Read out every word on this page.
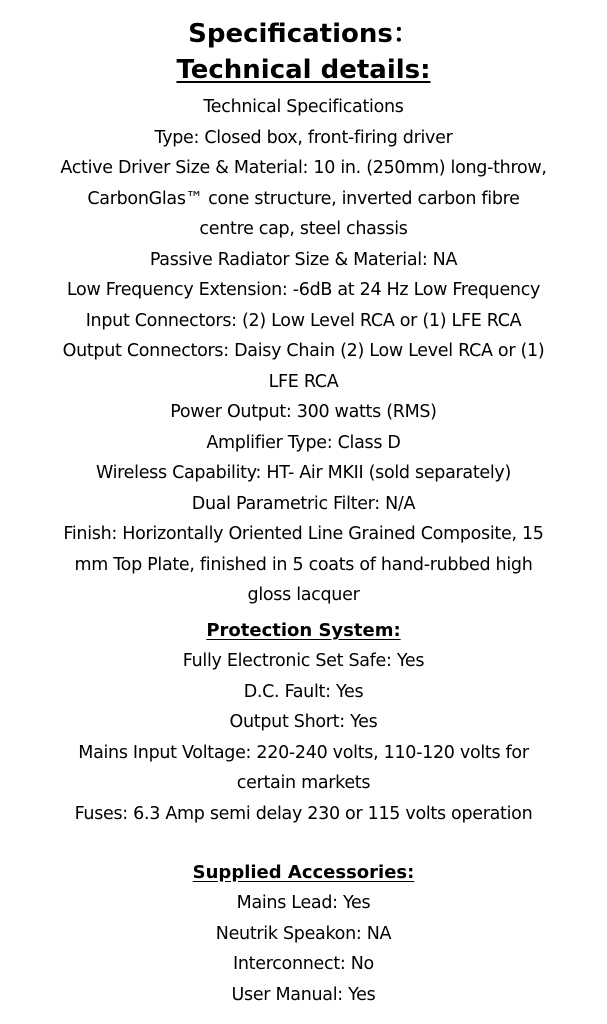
Specifications：
Technical details:
Technical Specifications
Type: Closed box, front-firing driver
Active Driver Size & Material: 10 in. (250mm) long-throw,
CarbonGlas™ cone structure, inverted carbon fibre
centre cap, steel chassis
Passive Radiator Size & Material: NA
Low Frequency Extension: -6dB at 24 Hz Low Frequency
Input Connectors: (2) Low Level RCA or (1) LFE RCA
Output Connectors: Daisy Chain (2) Low Level RCA or (1)
LFE RCA
Power Output: 300 watts (RMS)
Amplifier Type: Class D
Wireless Capability: HT- Air MKII (sold separately)
Dual Parametric Filter: N/A
Finish: Horizontally Oriented Line Grained Composite, 15
mm Top Plate, finished in 5 coats of hand-rubbed high
gloss lacquer
Protection System:
Fully Electronic Set Safe: Yes
D.C. Fault: Yes
Output Short: Yes
Mains Input Voltage: 220-240 volts, 110-120 volts for
certain markets
Fuses: 6.3 Amp semi delay 230 or 115 volts operation
Supplied Accessories:
Mains Lead: Yes
Neutrik Speakon: NA
Interconnect: No
User Manual: Yes
